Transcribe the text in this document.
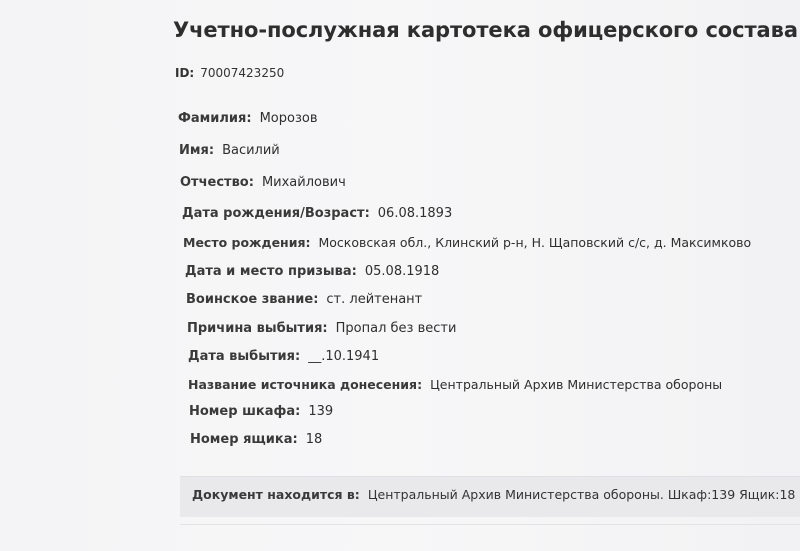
Учетно-послужная картотека офицерского состава
ID: 70007423250
Фамилия: Морозов
Имя: Василий
Отчество: Михайлович
Дата рождения/Возраст: 06.08.1893
Место рождения: Московская обл., Клинский р-н, Н. Щаповский с/с, д. Максимково
Дата и место призыва: 05.08.1918
Воинское звание: ст. лейтенант
Причина выбытия: Пропал без вести
Дата выбытия: __.10.1941
Название источника донесения: Центральный Архив Министерства обороны
Номер шкафа: 139
Номер ящика: 18
Документ находится в: Центральный Архив Министерства обороны. Шкаф:139 Ящик:18
